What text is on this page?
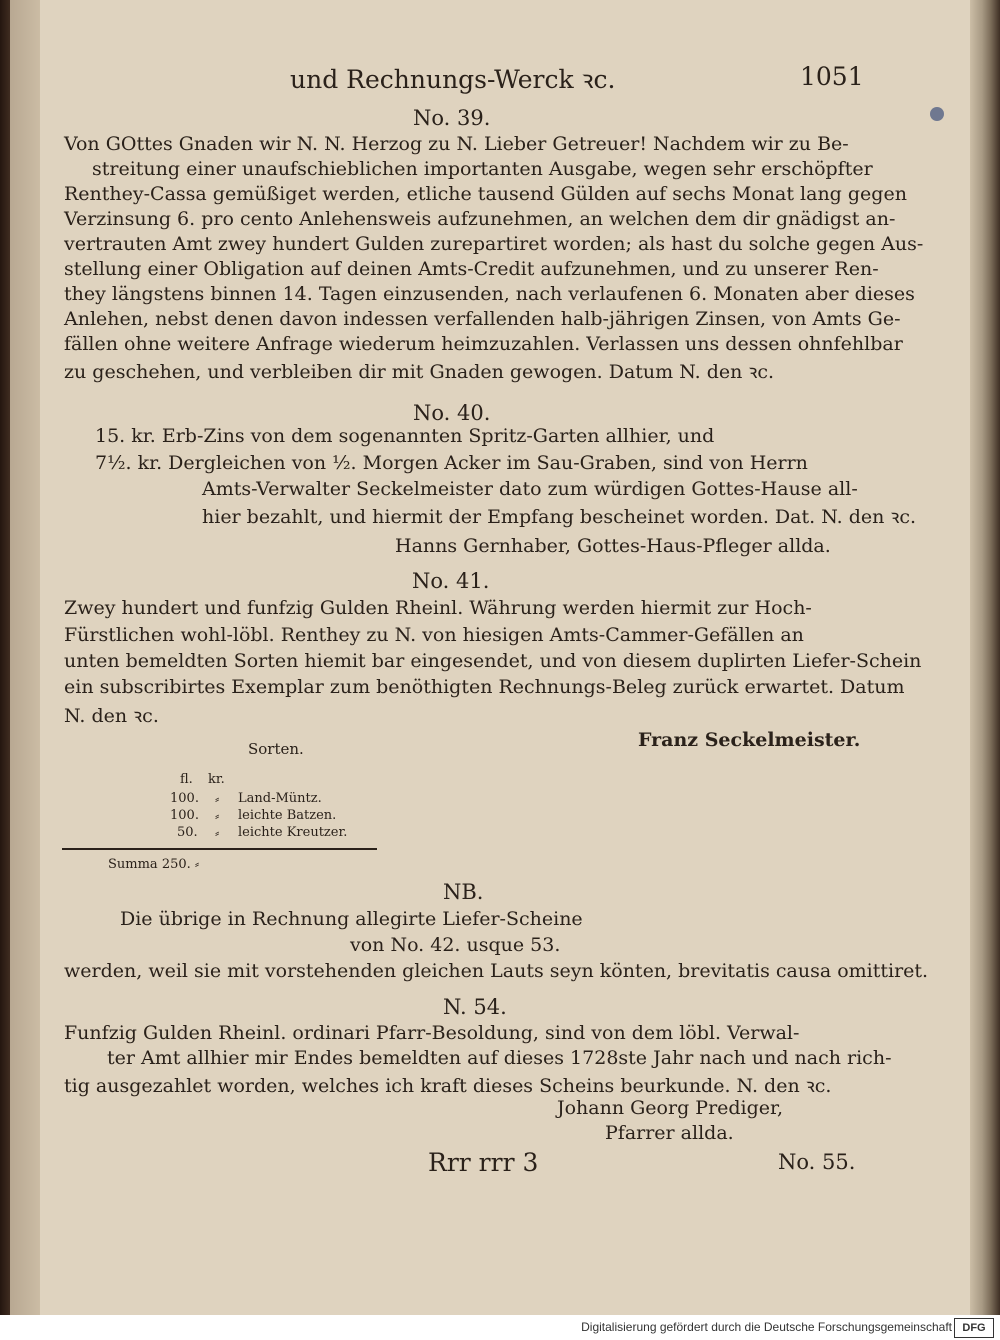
und Rechnungs-Werck ꝛc.	1051
No. 39.
Von GOttes Gnaden wir N. N. Herzog zu N. Lieber Getreuer! Nachdem wir zu Be-
streitung einer unaufschieblichen importanten Ausgabe, wegen sehr erschöpfter
Renthey-Cassa gemüßiget werden, etliche tausend Gülden auf sechs Monat lang gegen
Verzinsung 6. pro cento Anlehensweis aufzunehmen, an welchen dem dir gnädigst an-
vertrauten Amt zwey hundert Gulden zurepartiret worden; als hast du solche gegen Aus-
stellung einer Obligation auf deinen Amts-Credit aufzunehmen, und zu unserer Ren-
they längstens binnen 14. Tagen einzusenden, nach verlaufenen 6. Monaten aber dieses
Anlehen, nebst denen davon indessen verfallenden halb-jährigen Zinsen, von Amts Ge-
fällen ohne weitere Anfrage wiederum heimzuzahlen. Verlassen uns dessen ohnfehlbar
zu geschehen, und verbleiben dir mit Gnaden gewogen. Datum N. den ꝛc.
No. 40.
15. kr. Erb-Zins von dem sogenannten Spritz-Garten allhier, und
7½. kr. Dergleichen von ½. Morgen Acker im Sau-Graben, sind von Herrn
Amts-Verwalter Seckelmeister dato zum würdigen Gottes-Hause all-
hier bezahlt, und hiermit der Empfang bescheinet worden. Dat. N. den ꝛc.
Hanns Gernhaber, Gottes-Haus-Pfleger allda.
No. 41.
Zwey hundert und funfzig Gulden Rheinl. Währung werden hiermit zur Hoch-
Fürstlichen wohl-löbl. Renthey zu N. von hiesigen Amts-Cammer-Gefällen an
unten bemeldten Sorten hiemit bar eingesendet, und von diesem duplirten Liefer-Schein
ein subscribirtes Exemplar zum benöthigten Rechnungs-Beleg zurück erwartet. Datum
N. den ꝛc.
Franz Seckelmeister.
Sorten.
fl. kr.
100. ⸗ Land-Müntz.
100. ⸗ leichte Batzen.
50. ⸗ leichte Kreutzer.
Summa 250. ⸗
NB.
Die übrige in Rechnung allegirte Liefer-Scheine
von No. 42. usque 53.
werden, weil sie mit vorstehenden gleichen Lauts seyn könten, brevitatis causa omittiret.
N. 54.
Funfzig Gulden Rheinl. ordinari Pfarr-Besoldung, sind von dem löbl. Verwal-
ter Amt allhier mir Endes bemeldten auf dieses 1728ste Jahr nach und nach rich-
tig ausgezahlet worden, welches ich kraft dieses Scheins beurkunde. N. den ꝛc.
Johann Georg Prediger,
Pfarrer allda.
Rrr rrr 3	No. 55.
Digitalisierung gefördert durch die Deutsche Forschungsgemeinschaft DFG
